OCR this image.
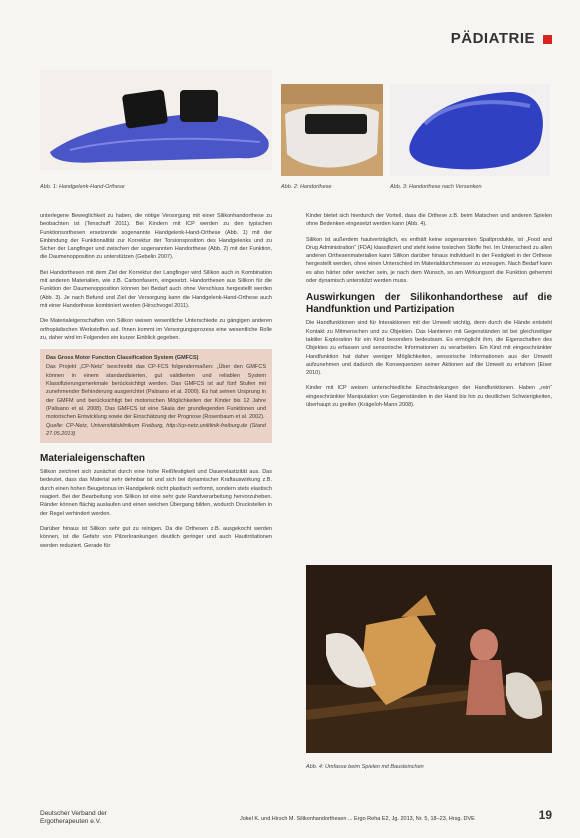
PÄDIATRIE
Abb. 1: Handgelenk-Hand-Orthese	Abb. 2: Handorthese	Abb. 3: Handorthese nach Versenken

unterlegene Beweglichkeit zu haben, die nötige Versorgung mit einer Silikonhandorthese zu beobachten ist (Tenschuff 2011). Bei Kindern mit ICP werden zu den typischen Funktionsorthesen ersetzende sogenannte Handgelenk-Hand-Orthese (Abb. 1) mit der Einbindung der Funktionalität zur Korrektur der Torsionsposition des Handgelenks und zu Sicher der Langfinger und zwischen der sogenannten Handorthese (Abb. 2) mit der Funktion, die Daumenopposition zu unterstützen (Gebelin 2007).

Bei Handorthesen mit dem Ziel der Korrektur der Langfinger wird Silikon auch in Kombination mit anderen Materialien, wie z.B. Carbonfasern, eingesetzt. Handorthesen aus Silikon für die Funktion der Daumenopposition können bei Bedarf auch ohne Verschluss hergestellt werden (Abb. 3). Je nach Befund und Ziel der Versorgung kann die Handgelenk-Hand-Orthese auch mit einer Handorthese kombiniert werden (Hirschvogel 2011).

Die Materialeigenschaften von Silikon weisen wesentliche Unterschiede zu gängigen anderen orthopädischen Werkstoffen auf. Ihnen kommt im Versorgungsprozess eine wesentliche Rolle zu, daher wird im Folgenden ein kurzer Einblick gegeben.

Das Gross Motor Function Classification System (GMFCS)
Das Projekt „CP-Netz“ beschreibt das CP-FCS folgendermaßen: „Über den GMFCS können in einem standardisierten, gut validierten und reliablen System Klassifizierungsmerkmale berücksichtigt werden. Das GMFCS ist auf fünf Stufen mit zunehmender Behinderung ausgerichtet (Palisano et al. 2000). Es hat seinen Ursprung in der GMFM und berücksichtigt bei motorischen Möglichkeiten der Kinder bis 12 Jahre (Palisano et al. 2008). Das GMFCS ist eine Skala der grundlegenden Funktionen und motorischen Entwicklung sowie der Einschätzung der Prognose (Rosenbaum et al. 2002).
Quelle: CP-Netz, Universitätsklinikum Freiburg, http://cp-netz.uniklinik-freiburg.de (Stand 27.05.2013)
Materialeigenschaften

Silikon zeichnet sich zunächst durch eine hohe Reißfestigkeit und Dauerelastizität aus. Das bedeutet, dass das Material sehr dehnbar ist und sich bei dynamischer Kraftauswirkung z.B. durch einen hohen Beugetonus im Handgelenk nicht plastisch verformt, sondern stets elastisch reagiert. Bei der Bearbeitung von Silikon ist eine sehr gute Randverarbeitung hervorzuheben. Ränder können flächig auslaufen und einen weichen Übergang bilden, wodurch Druckstellen in der Regel verhindert werden.

Darüber hinaus ist Silikon sehr gut zu reinigen. Da die Orthesen z.B. ausgekocht werden können, ist die Gefahr von Pilzerkrankungen deutlich geringer und auch Hautirritationen werden reduziert. Gerade für

Kinder bietet sich hierdurch der Vorteil, dass die Orthese z.B. beim Matschen und anderen Spielen ohne Bedenken eingesetzt werden kann (Abb. 4).

Silikon ist außerdem hautverträglich, es enthält keine sogenannten Spaltprodukte, ist „Food and Drug Administration“ (FDA) klassifiziert und steht keine toxischen Stoffe frei. Im Unterschied zu allen anderen Orthesenmaterialien kann Silikon darüber hinaus individuell in der Festigkeit in der Orthese hergestellt werden, ohne einen Unterschied im Materialdurchmesser zu erzeugen. Nach Bedarf kann es also härter oder weicher sein, je nach dem Wunsch, so am Wirkungsort die Funktion gehemmt oder dynamisch unterstützt werden muss.

Auswirkungen der Silikonhandorthese auf die Handfunktion und Partizipation

Die Handfunktionen sind für Interaktionen mit der Umwelt wichtig, denn durch die Hände entsteht Kontakt zu Mitmenschen und zu Objekten. Das Hantieren mit Gegenständen ist bei gleichzeitiger taktiler Exploration für ein Kind besonders bedeutsam. Es ermöglicht ihm, die Eigenschaften des Objektes zu erfassen und sensorische Informationen zu verarbeiten. Ein Kind mit eingeschränkter Handfunktion hat daher weniger Möglichkeiten, sensorische Informationen aus der Umwelt aufzunehmen und dadurch die Konsequenzen seiner Aktionen auf die Umwelt zu erfahren (Eiser 2010).

Kinder mit ICP weisen unterschiedliche Einschränkungen der Handfunktionen. Haben „rein“ eingeschränkter Manipulation von Gegenständen in der Hand bis hin zu deutlichen Schwierigkeiten, überhaupt zu greifen (Krägeloh-Mann 2008).

Abb. 4: Umfasse beim Spielen mit Bausteinchen
Deutscher Verband der
Ergotherapeuten e.V.	Jokel K. und Hirsch M. Silikonhandorthesen ... Ergo Reha E2, Jg. 2013, Nr. 5, 18–23, Hrsg. DVE	19
